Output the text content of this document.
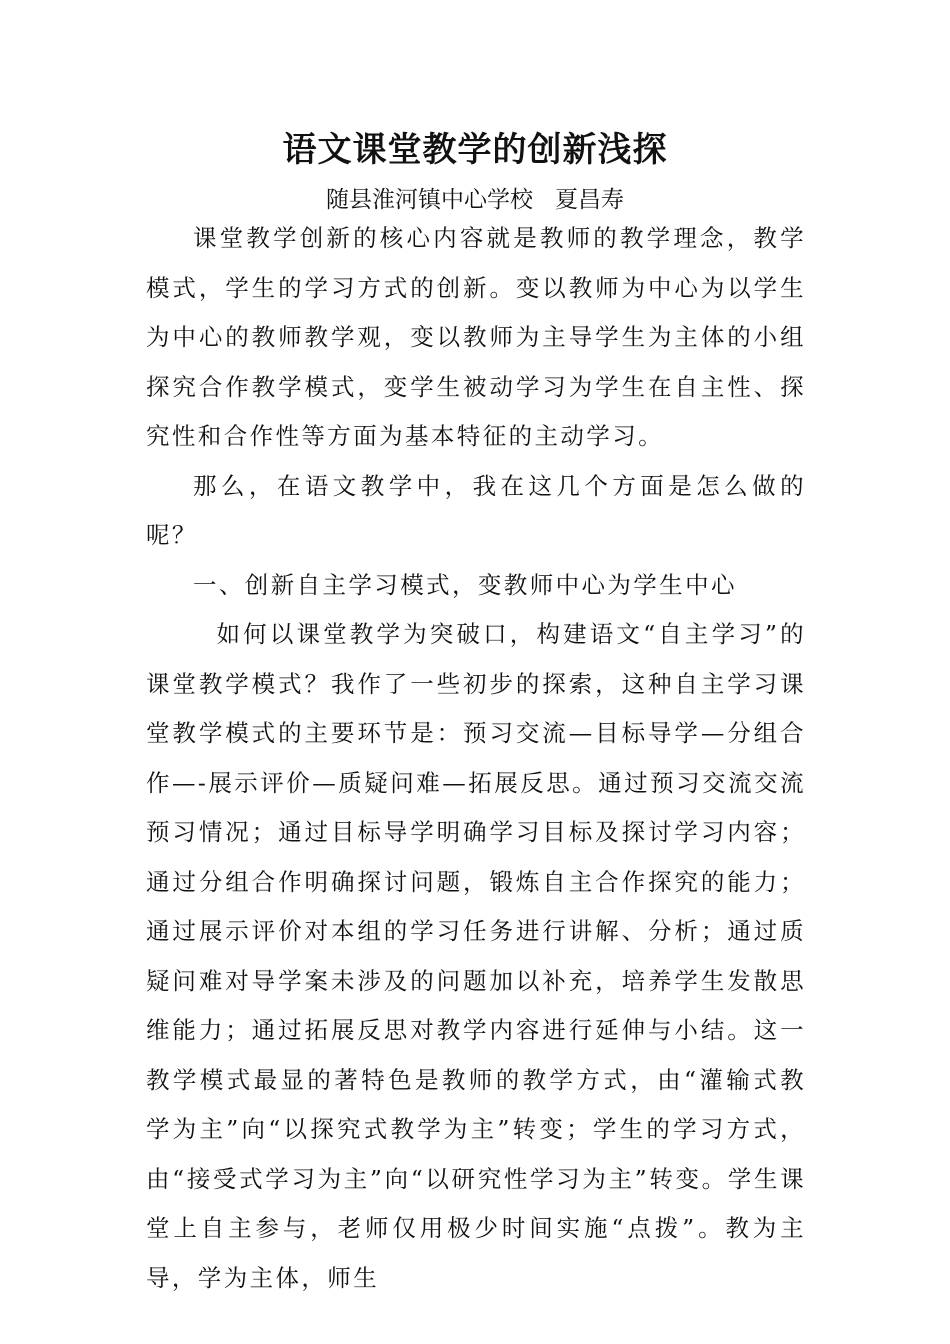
语文课堂教学的创新浅探
随县淮河镇中心学校   夏昌寿

课堂教学创新的核心内容就是教师的教学理念，教学模式，学生的学习方式的创新。变以教师为中心为以学生为中心的教师教学观，变以教师为主导学生为主体的小组探究合作教学模式，变学生被动学习为学生在自主性、探究性和合作性等方面为基本特征的主动学习。

那么，在语文教学中，我在这几个方面是怎么做的呢？

一、创新自主学习模式，变教师中心为学生中心

如何以课堂教学为突破口，构建语文“自主学习”的课堂教学模式？我作了一些初步的探索，这种自主学习课堂教学模式的主要环节是：预习交流—目标导学—分组合作—-展示评价—质疑问难—拓展反思。通过预习交流交流预习情况；通过目标导学明确学习目标及探讨学习内容；通过分组合作明确探讨问题，锻炼自主合作探究的能力；通过展示评价对本组的学习任务进行讲解、分析；通过质疑问难对导学案未涉及的问题加以补充，培养学生发散思维能力；通过拓展反思对教学内容进行延伸与小结。这一教学模式最显的著特色是教师的教学方式，由“灌输式教学为主”向“以探究式教学为主”转变；学生的学习方式，由“接受式学习为主”向“以研究性学习为主”转变。学生课堂上自主参与，老师仅用极少时间实施“点拨”。教为主导，学为主体，师生
